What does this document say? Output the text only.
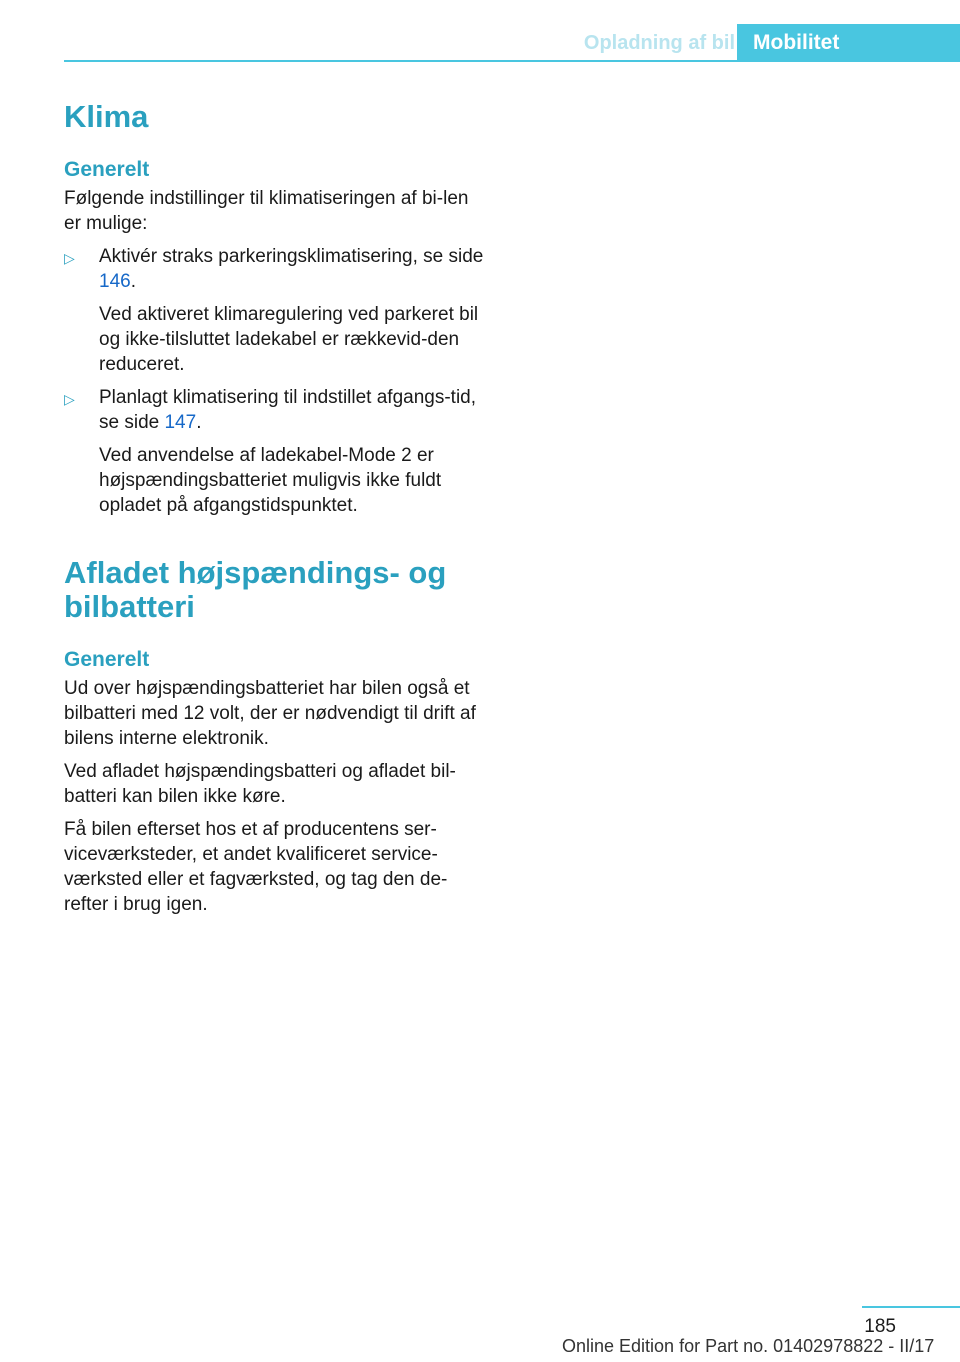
Opladning af bil Mobilitet
Klima
Generelt

Følgende indstillinger til klimatiseringen af bi-len er mulige:

▷ Aktivér straks parkeringsklimatisering, se side 146.

Ved aktiveret klimaregulering ved parkeret bil og ikke-tilsluttet ladekabel er rækkevid-den reduceret.

▷ Planlagt klimatisering til indstillet afgangs-tid, se side 147.

Ved anvendelse af ladekabel-Mode 2 er højspændingsbatteriet muligvis ikke fuldt opladet på afgangstidspunktet.

Afladet højspændings- og
bilbatteri
Generelt

Ud over højspændingsbatteriet har bilen også et bilbatteri med 12 volt, der er nødvendigt til drift af bilens interne elektronik.

Ved afladet højspændingsbatteri og afladet bil-batteri kan bilen ikke køre.

Få bilen efterset hos et af producentens ser-viceværksteder, et andet kvalificeret service-værksted eller et fagværksted, og tag den de-refter i brug igen.

185
Online Edition for Part no. 01402978822 - II/17
